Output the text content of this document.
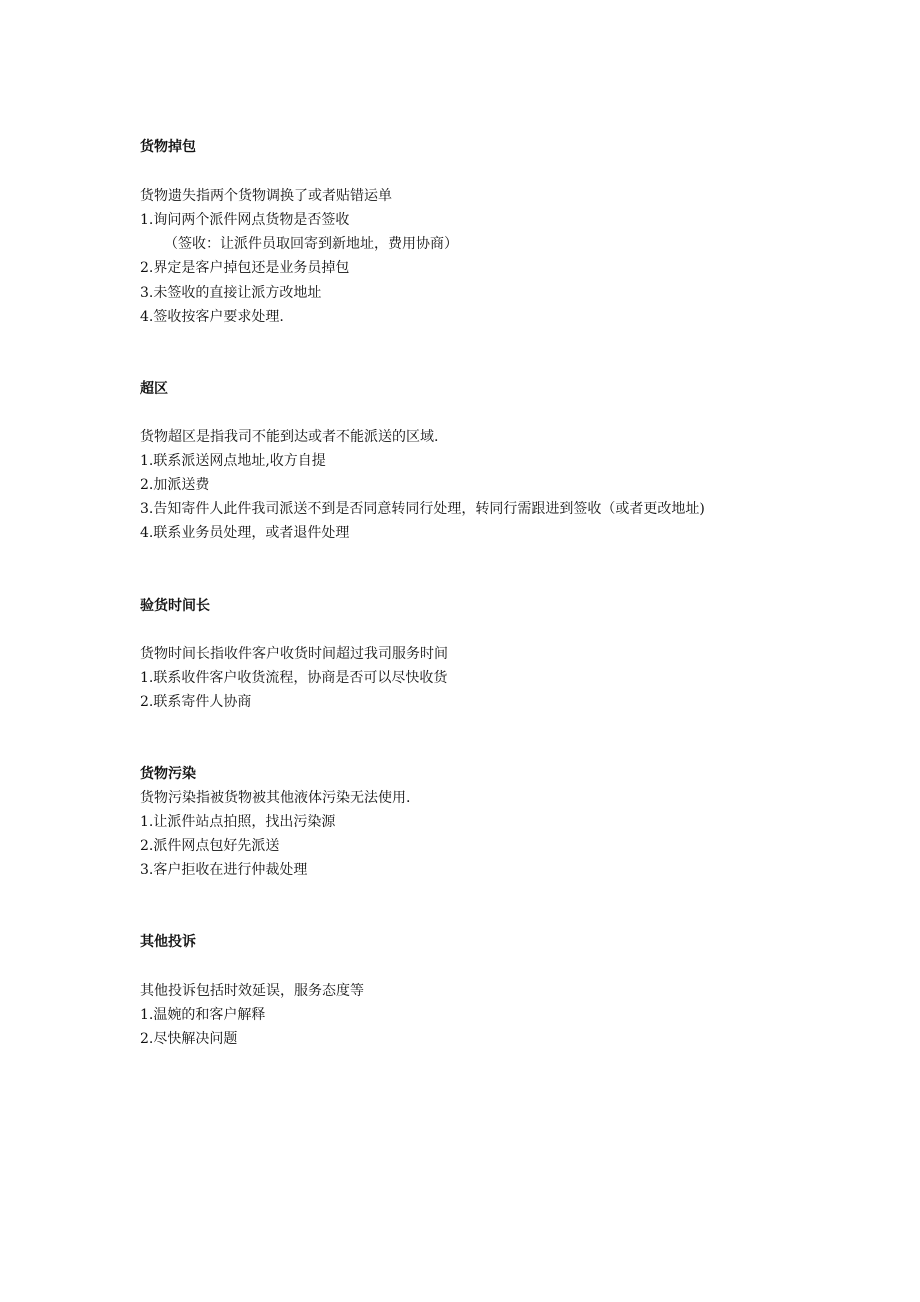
货物掉包

货物遗失指两个货物调换了或者贴错运单

1.询问两个派件网点货物是否签收

（签收：让派件员取回寄到新地址，费用协商）

2.界定是客户掉包还是业务员掉包

3.未签收的直接让派方改地址

4.签收按客户要求处理.

超区

货物超区是指我司不能到达或者不能派送的区域.

1.联系派送网点地址,收方自提

2.加派送费

3.告知寄件人此件我司派送不到是否同意转同行处理，转同行需跟进到签收（或者更改地址)

4.联系业务员处理，或者退件处理

验货时间长

货物时间长指收件客户收货时间超过我司服务时间

1.联系收件客户收货流程，协商是否可以尽快收货

2.联系寄件人协商

货物污染

货物污染指被货物被其他液体污染无法使用.

1.让派件站点拍照，找出污染源

2.派件网点包好先派送

3.客户拒收在进行仲裁处理

其他投诉

其他投诉包括时效延误，服务态度等

1.温婉的和客户解释

2.尽快解决问题
